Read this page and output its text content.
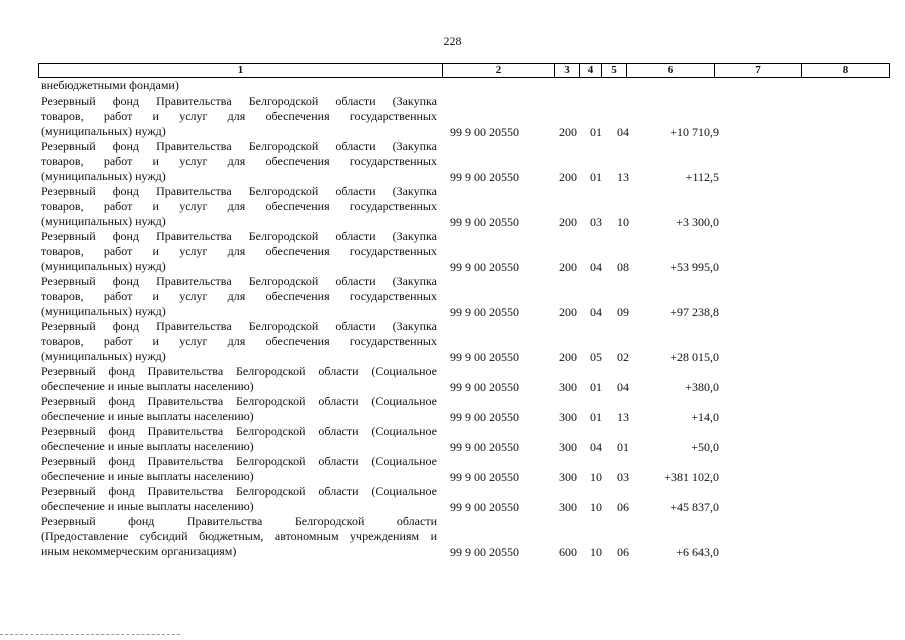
228
1	2	3	4	5	6	7	8
внебюджетными фондами)
Резервный фонд Правительства Белгородской области (Закупка
товаров, работ и услуг для обеспечения государственных
(муниципальных) нужд)	99 9 00 20550	200 01 04	+10 710,9
Резервный фонд Правительства Белгородской области (Закупка
товаров, работ и услуг для обеспечения государственных
(муниципальных) нужд)	99 9 00 20550	200 01 13	+112,5
Резервный фонд Правительства Белгородской области (Закупка
товаров, работ и услуг для обеспечения государственных
(муниципальных) нужд)	99 9 00 20550	200 03 10	+3 300,0
Резервный фонд Правительства Белгородской области (Закупка
товаров, работ и услуг для обеспечения государственных
(муниципальных) нужд)	99 9 00 20550	200 04 08	+53 995,0
Резервный фонд Правительства Белгородской области (Закупка
товаров, работ и услуг для обеспечения государственных
(муниципальных) нужд)	99 9 00 20550	200 04 09	+97 238,8
Резервный фонд Правительства Белгородской области (Закупка
товаров, работ и услуг для обеспечения государственных
(муниципальных) нужд)	99 9 00 20550	200 05 02	+28 015,0
Резервный фонд Правительства Белгородской области (Социальное
обеспечение и иные выплаты населению)	99 9 00 20550	300 01 04	+380,0
Резервный фонд Правительства Белгородской области (Социальное
обеспечение и иные выплаты населению)	99 9 00 20550	300 01 13	+14,0
Резервный фонд Правительства Белгородской области (Социальное
обеспечение и иные выплаты населению)	99 9 00 20550	300 04 01	+50,0
Резервный фонд Правительства Белгородской области (Социальное
обеспечение и иные выплаты населению)	99 9 00 20550	300 10 03	+381 102,0
Резервный фонд Правительства Белгородской области (Социальное
обеспечение и иные выплаты населению)	99 9 00 20550	300 10 06	+45 837,0
Резервный фонд Правительства Белгородской области
(Предоставление субсидий бюджетным, автономным учреждениям и
иным некоммерческим организациям)	99 9 00 20550	600 10 06	+6 643,0
